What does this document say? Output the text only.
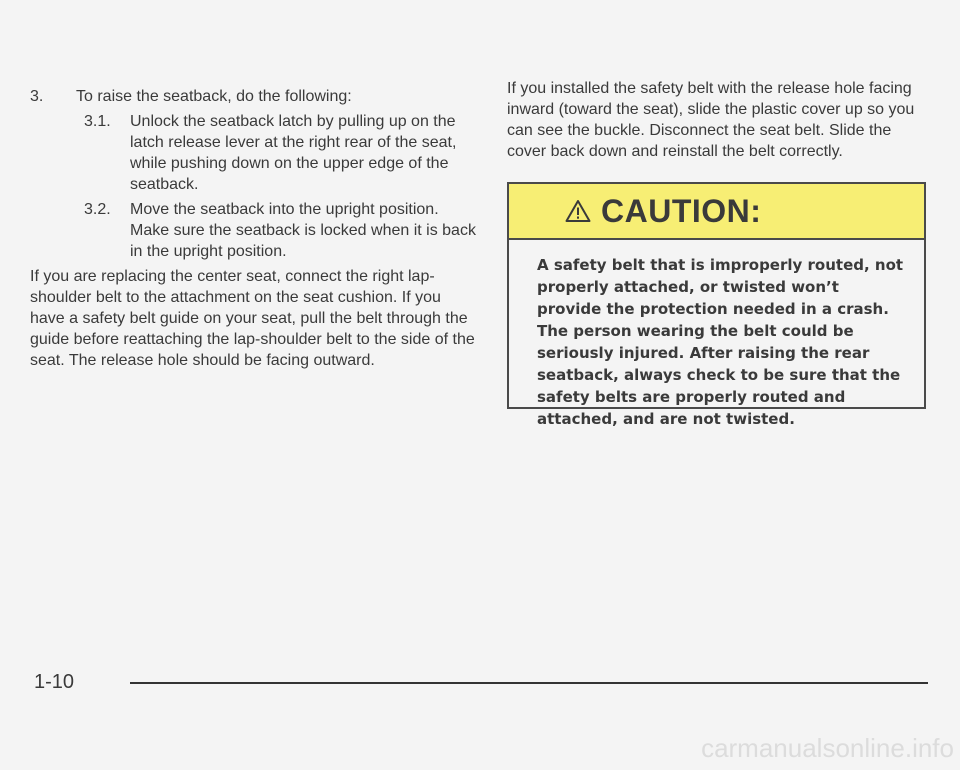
3.	To raise the seatback, do the following:
3.1.	Unlock the seatback latch by pulling up on the latch release lever at the right rear of the seat, while pushing down on the upper edge of the seatback.
3.2.	Move the seatback into the upright position. Make sure the seatback is locked when it is back in the upright position.

If you are replacing the center seat, connect the right lap-shoulder belt to the attachment on the seat cushion. If you have a safety belt guide on your seat, pull the belt through the guide before reattaching the lap-shoulder belt to the side of the seat. The release hole should be facing outward.

If you installed the safety belt with the release hole facing inward (toward the seat), slide the plastic cover up so you can see the buckle. Disconnect the seat belt. Slide the cover back down and reinstall the belt correctly.

CAUTION:
A safety belt that is improperly routed, not properly attached, or twisted won’t provide the protection needed in a crash. The person wearing the belt could be seriously injured. After raising the rear seatback, always check to be sure that the safety belts are properly routed and attached, and are not twisted.
1-10
carmanualsonline.info
